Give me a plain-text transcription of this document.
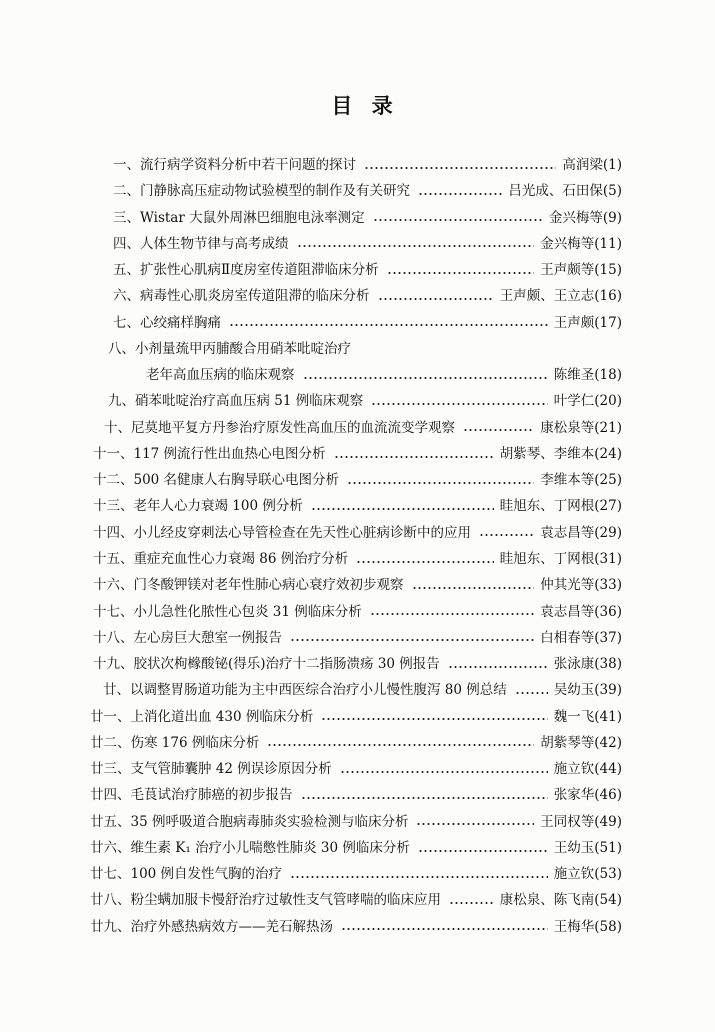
目 录
一、 流行病学资料分析中若干问题的探讨	高润梁 (1)
二、 门静脉高压症动物试验模型的制作及有关研究	吕光成、石田保 (5)
三、 Wistar 大鼠外周淋巴细胞电泳率测定	金兴梅等 (9)
四、 人体生物节律与高考成绩	金兴梅等 (11)
五、 扩张性心肌病Ⅱ度房室传道阻滞临床分析	王声颇等 (15)
六、 病毒性心肌炎房室传道阻滞的临床分析	王声颇、王立志 (16)
七、 心绞痛样胸痛	王声颇 (17)
八、 小剂量巯甲丙脯酸合用硝苯吡啶治疗
老年高血压病的临床观察	陈维圣 (18)
九、 硝苯吡啶治疗高血压病 51 例临床观察	叶学仁 (20)
十、 尼莫地平复方丹参治疗原发性高血压的血流流变学观察	康松泉等 (21)
十一、 117 例流行性出血热心电图分析	胡紫琴、李维本 (24)
十二、 500 名健康人右胸导联心电图分析	李维本等 (25)
十三、 老年人心力衰竭 100 例分析	眭旭东、丁网根 (27)
十四、 小儿经皮穿刺法心导管检查在先天性心脏病诊断中的应用	袁志昌等 (29)
十五、 重症充血性心力衰竭 86 例治疗分析	眭旭东、丁网根 (31)
十六、 门冬酸钾镁对老年性肺心病心衰疗效初步观察	仲其光等 (33)
十七、 小儿急性化脓性心包炎 31 例临床分析	袁志昌等 (36)
十八、 左心房巨大憩室一例报告	白相春等 (37)
十九、 胶状次枸橼酸铋(得乐)治疗十二指肠溃疡 30 例报告	张泳康 (38)
廿、 以调整胃肠道功能为主中西医综合治疗小儿慢性腹泻 80 例总结	吴幼玉 (39)
廿一、 上消化道出血 430 例临床分析	魏一飞 (41)
廿二、 伤寒 176 例临床分析	胡紫琴等 (42)
廿三、 支气管肺囊肿 42 例误诊原因分析	施立钦 (44)
廿四、 毛茛试治疗肺癌的初步报告	张家华 (46)
廿五、 35 例呼吸道合胞病毒肺炎实验检测与临床分析	王同权等 (49)
廿六、 维生素 K₁ 治疗小儿喘憋性肺炎 30 例临床分析	王幼玉 (51)
廿七、 100 例自发性气胸的治疗	施立钦 (53)
廿八、 粉尘螨加服卡慢舒治疗过敏性支气管哮喘的临床应用	康松泉、陈飞南 (54)
廿九、 治疗外感热病效方——羌石解热汤	王梅华 (58)
